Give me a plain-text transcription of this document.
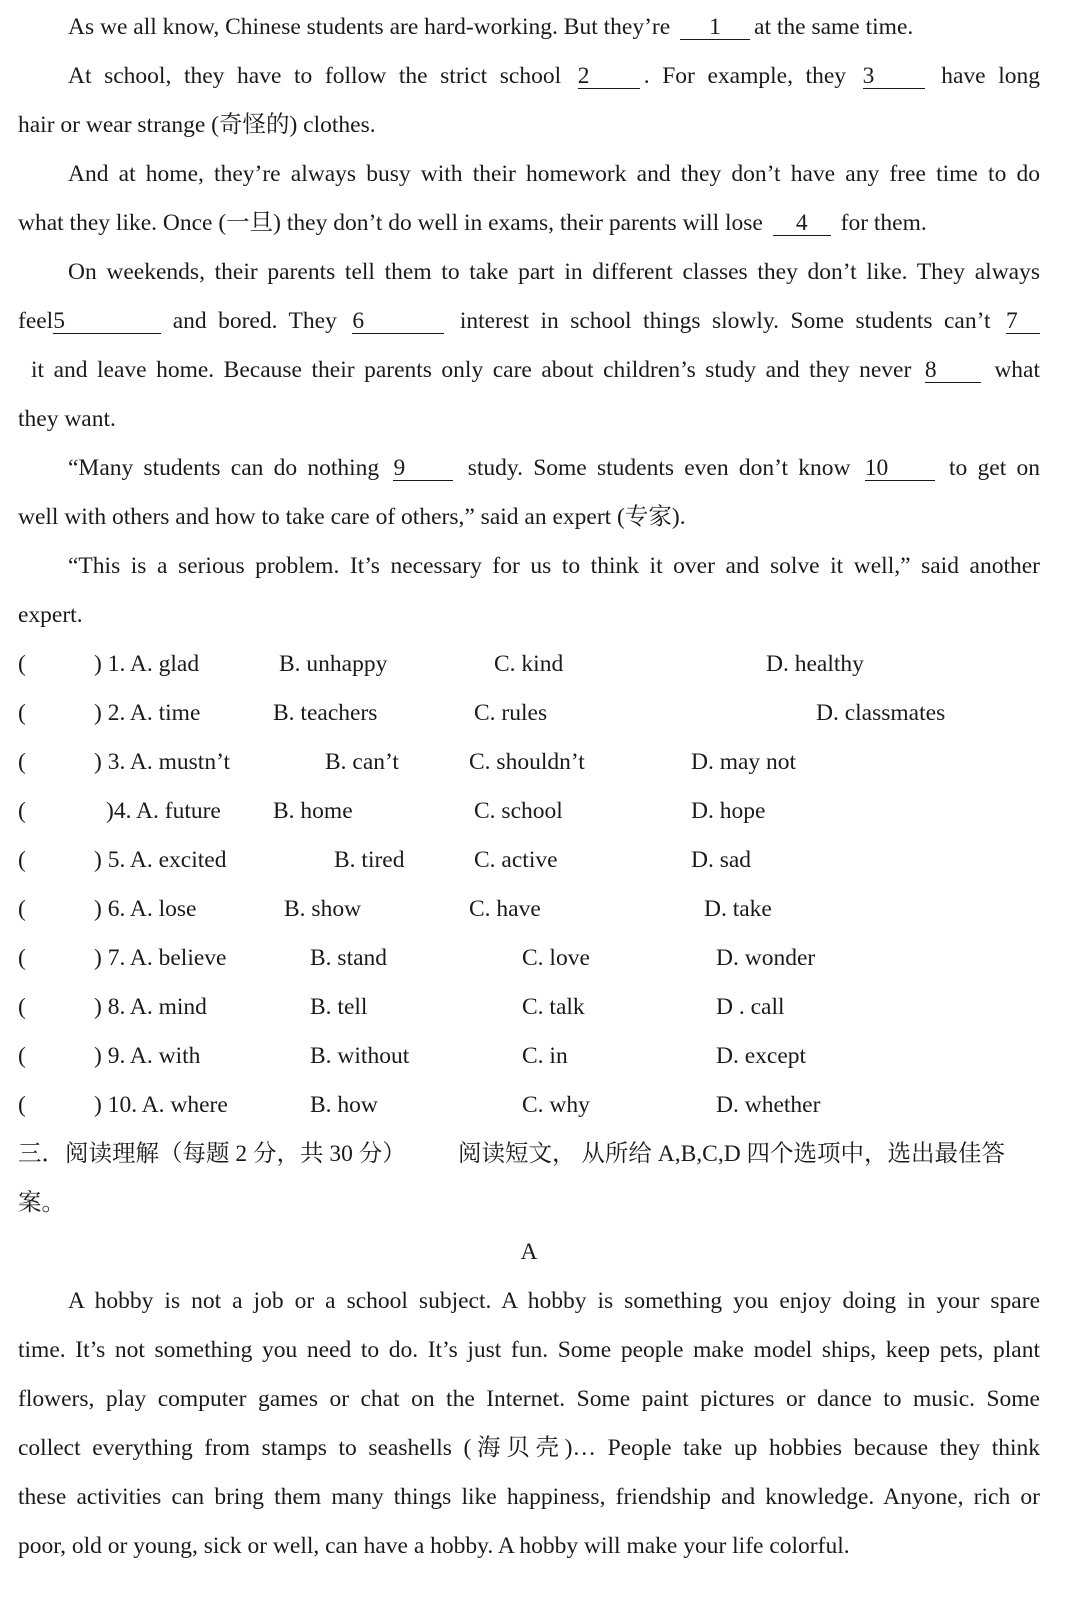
As we all know, Chinese students are hard-working. But they’re 1 at the same time.
At school, they have to follow the strict school 2 . For example, they 3	have long
hair or wear strange (奇怪的) clothes.
And at home, they’re always busy with their homework and they don’t have any free time to do
what they like. Once (一旦) they don’t do well in exams, their parents will lose 4 for them.
On weekends, their parents tell them to take part in different classes they don’t like. They always
feel5	and bored. They 6	interest in school things slowly. Some students can’t 7
it and leave home. Because their parents only care about children’s study and they never 8 what
they want.
“Many students can do nothing 9	study. Some students even don’t know 10	to get on
well with others and how to take care of others,” said an expert (专家).
“This is a serious problem. It’s necessary for us to think it over and solve it well,” said another
expert.
(	) 1. A. glad	B. unhappy	C. kind	D. healthy
(	) 2. A. time	B. teachers	C. rules	D. classmates
(	) 3. A. mustn’t	B. can’t	C. shouldn’t	D. may not
(	)4. A. future B. home	C. school	D. hope
(	) 5. A. excited	B. tired	C. active	D. sad
(	) 6. A. lose	B. show	C. have	D. take
(	) 7. A. believe	B. stand	C. love	D. wonder
(	) 8. A. mind	B. tell	C. talk	D . call
(	) 9. A. with	B. without	C. in	D. except
(	) 10. A. where	B. how	C. why	D. whether
三．阅读理解（每题 2 分，共 30 分） 阅读短文， 从所给 A,B,C,D 四个选项中，选出最佳答
案。
A
A hobby is not a job or a school subject. A hobby is something you enjoy doing in your spare
time. It’s not something you need to do. It’s just fun. Some people make model ships, keep pets, plant
flowers, play computer games or chat on the Internet. Some paint pictures or dance to music. Some
collect everything from stamps to seashells (海贝壳)… People take up hobbies because they think
these activities can bring them many things like happiness, friendship and knowledge. Anyone, rich or
poor, old or young, sick or well, can have a hobby. A hobby will make your life colorful.
